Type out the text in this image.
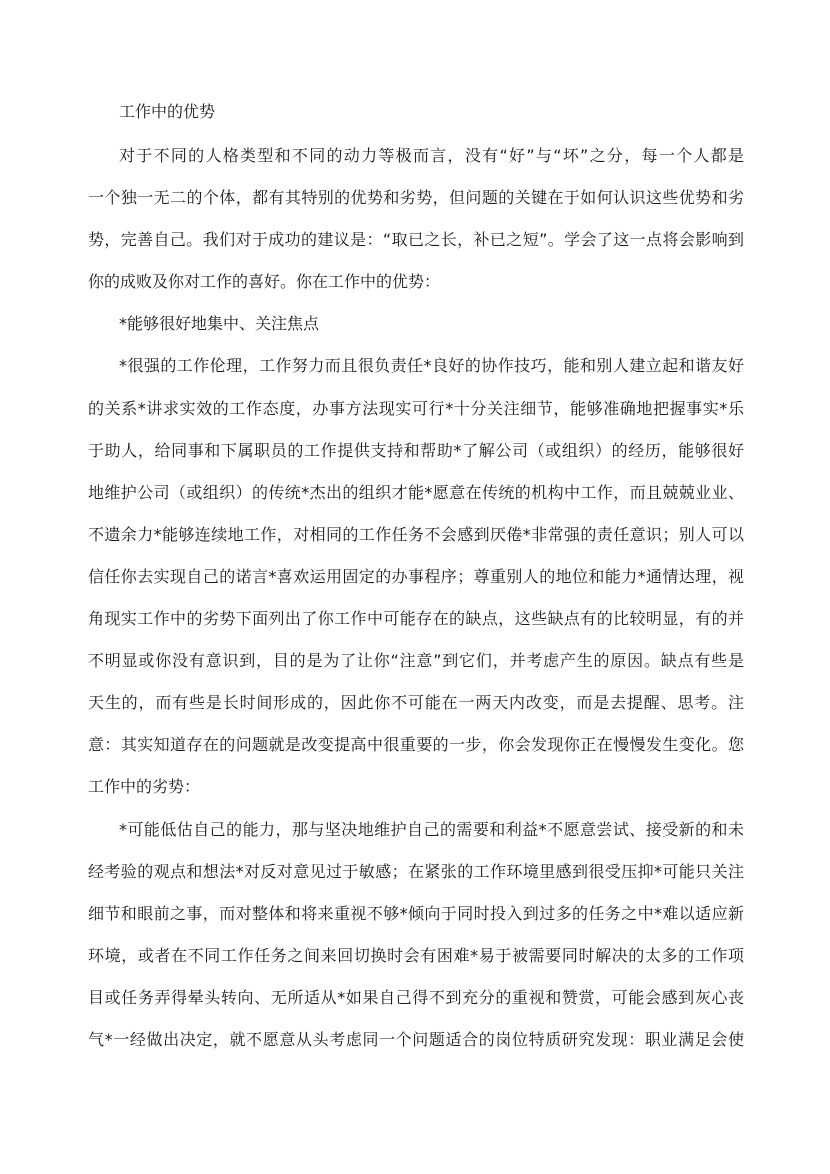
工作中的优势
对于不同的人格类型和不同的动力等极而言，没有“好”与“坏”之分，每一个人都是
一个独一无二的个体，都有其特别的优势和劣势，但问题的关键在于如何认识这些优势和劣
势，完善自己。我们对于成功的建议是：“取已之长，补已之短”。学会了这一点将会影响到
你的成败及你对工作的喜好。你在工作中的优势：
*能够很好地集中、关注焦点
*很强的工作伦理，工作努力而且很负责任*良好的协作技巧，能和别人建立起和谐友好
的关系*讲求实效的工作态度，办事方法现实可行*十分关注细节，能够准确地把握事实*乐
于助人，给同事和下属职员的工作提供支持和帮助*了解公司（或组织）的经历，能够很好
地维护公司（或组织）的传统*杰出的组织才能*愿意在传统的机构中工作，而且兢兢业业、
不遗余力*能够连续地工作，对相同的工作任务不会感到厌倦*非常强的责任意识；别人可以
信任你去实现自己的诺言*喜欢运用固定的办事程序；尊重别人的地位和能力*通情达理，视
角现实工作中的劣势下面列出了你工作中可能存在的缺点，这些缺点有的比较明显，有的并
不明显或你没有意识到，目的是为了让你“注意”到它们，并考虑产生的原因。缺点有些是
天生的，而有些是长时间形成的，因此你不可能在一两天内改变，而是去提醒、思考。注
意：其实知道存在的问题就是改变提高中很重要的一步，你会发现你正在慢慢发生变化。您
工作中的劣势：
*可能低估自己的能力，那与坚决地维护自己的需要和利益*不愿意尝试、接受新的和未
经考验的观点和想法*对反对意见过于敏感；在紧张的工作环境里感到很受压抑*可能只关注
细节和眼前之事，而对整体和将来重视不够*倾向于同时投入到过多的任务之中*难以适应新
环境，或者在不同工作任务之间来回切换时会有困难*易于被需要同时解决的太多的工作项
目或任务弄得晕头转向、无所适从*如果自己得不到充分的重视和赞赏，可能会感到灰心丧
气*一经做出决定，就不愿意从头考虑同一个问题适合的岗位特质研究发现：职业满足会使
